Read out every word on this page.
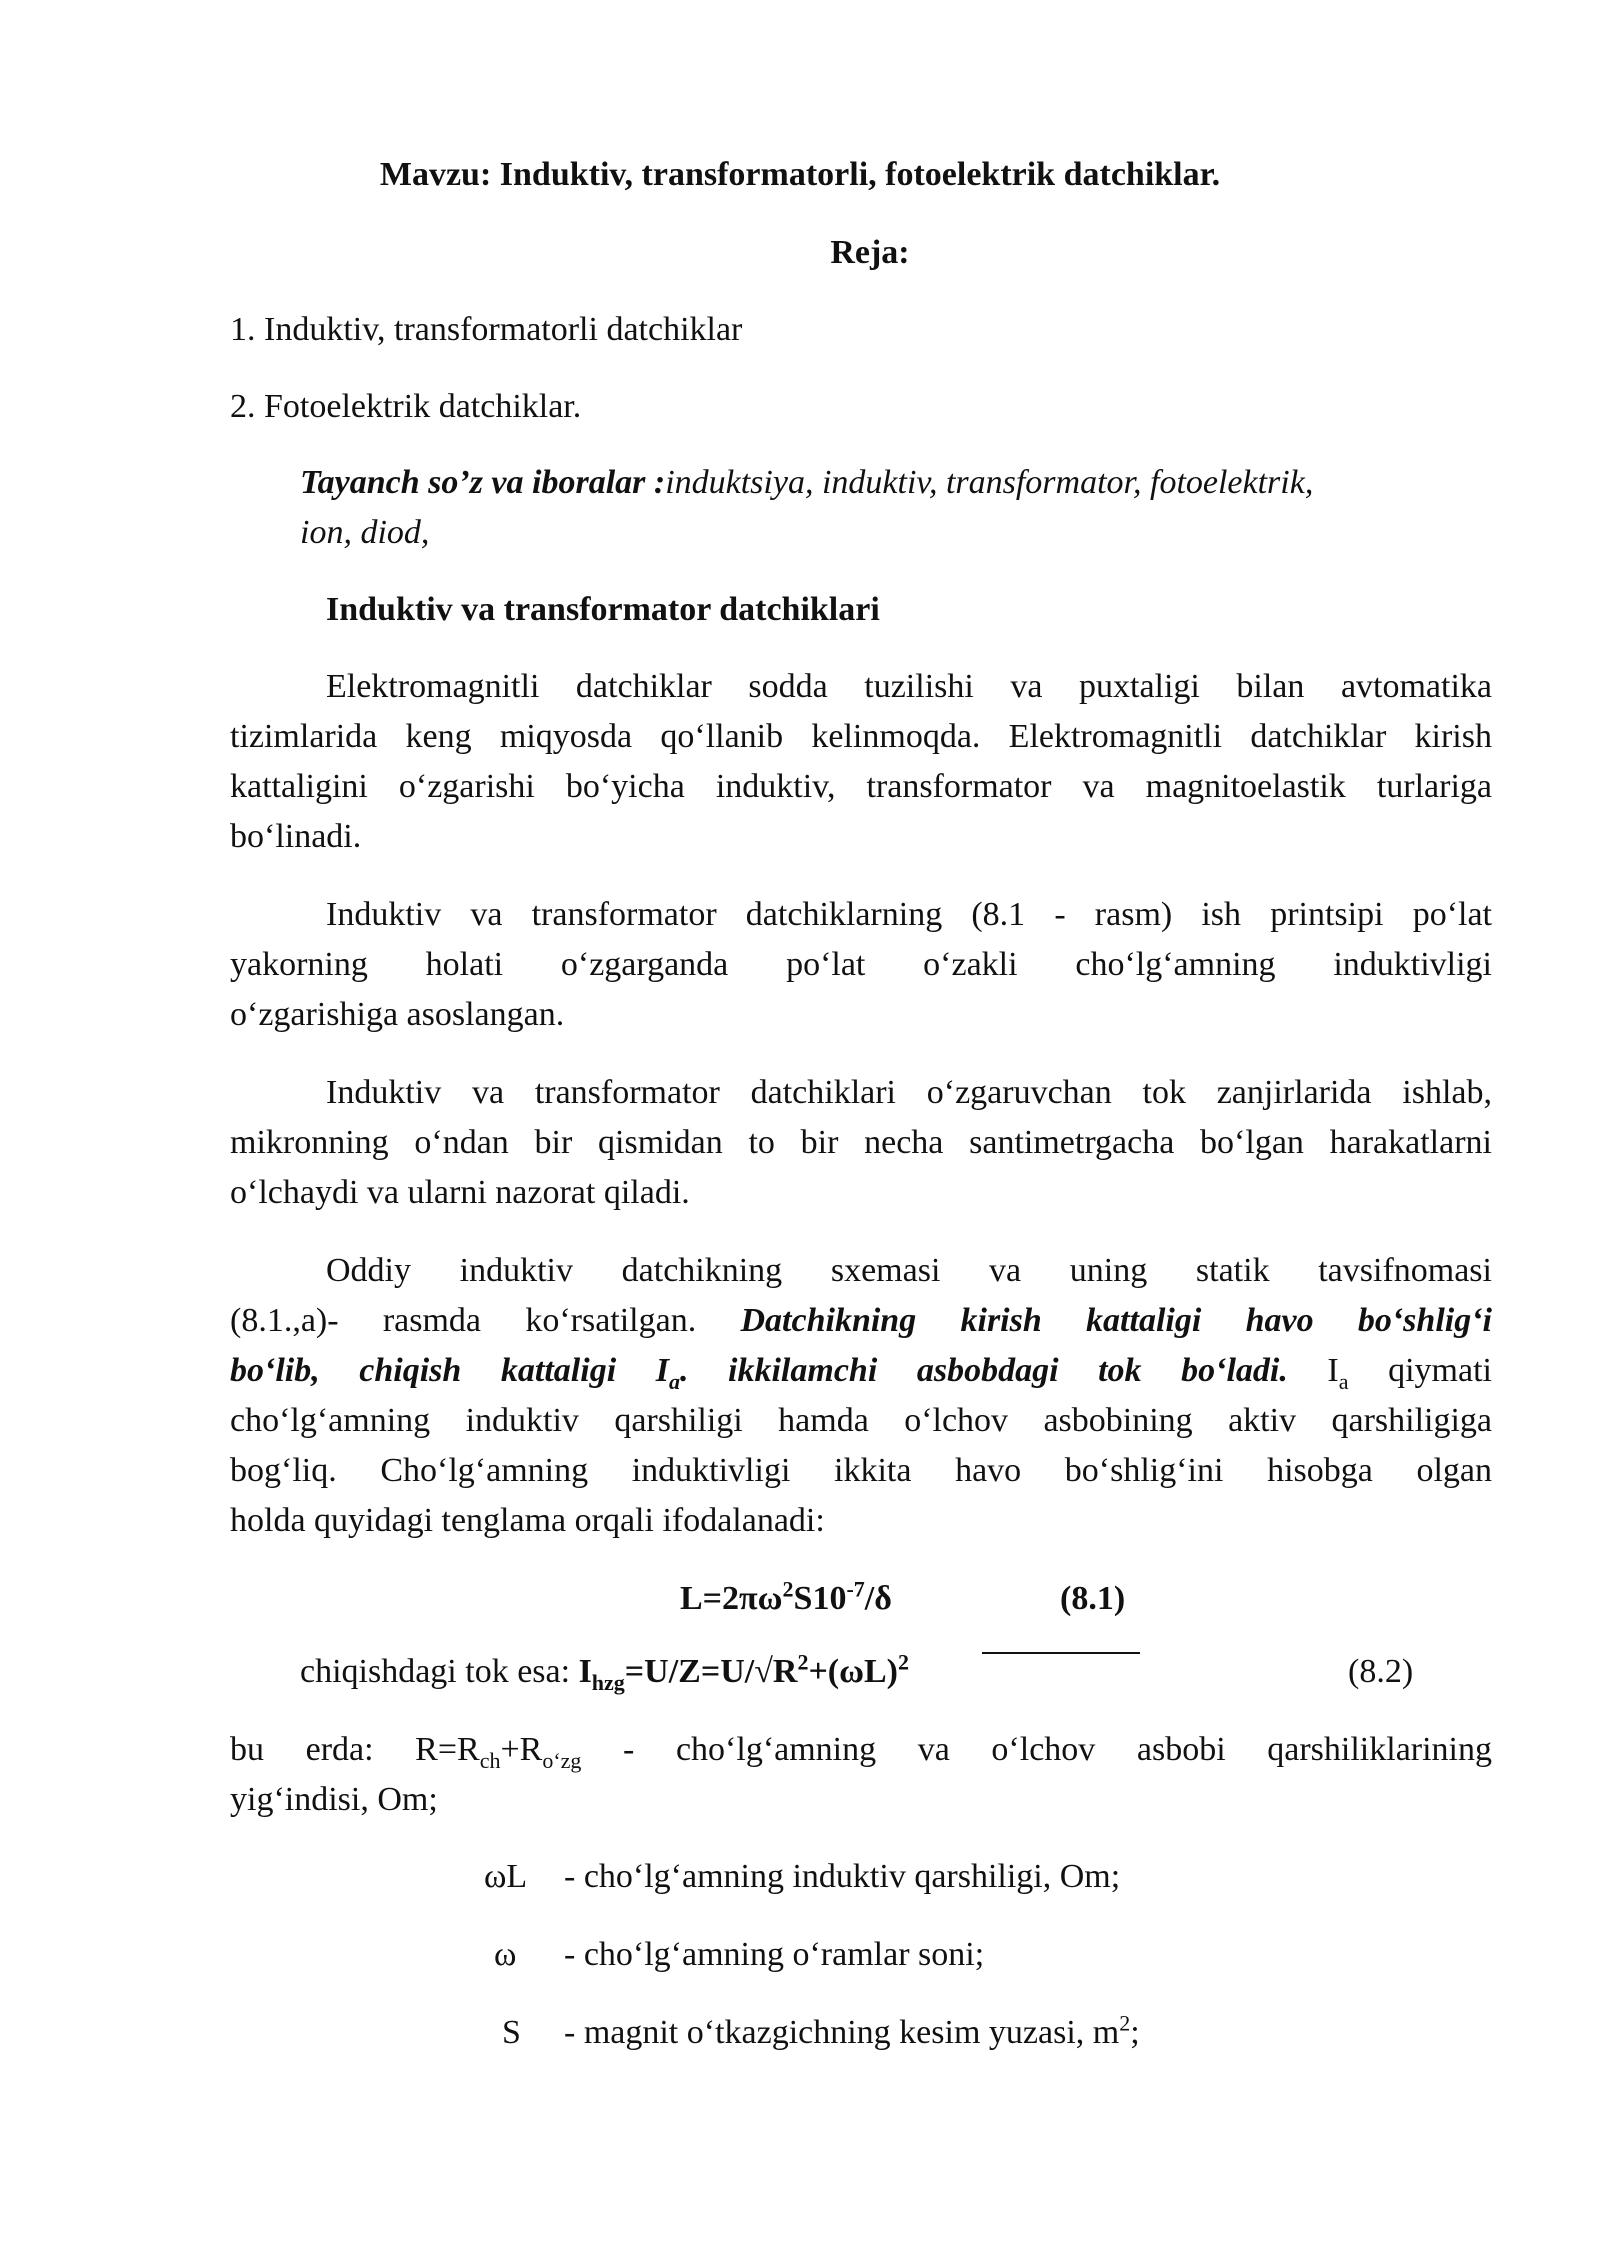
Mavzu: Induktiv, transformatorli, fotoelektrik datchiklar.

Reja:

1. Induktiv, transformatorli datchiklar

2. Fotoelektrik datchiklar.

Tayanch so’z va iboralar :induktsiya, induktiv, transformator, fotoelektrik,

ion, diod,

Induktiv va transformator datchiklari

Elektromagnitli datchiklar sodda tuzilishi va puxtaligi bilan avtomatika

tizimlarida keng miqyosda qo‘llanib kelinmoqda. Elektromagnitli datchiklar kirish

kattaligini o‘zgarishi bo‘yicha induktiv, transformator va magnitoelastik turlariga

bo‘linadi.

Induktiv va transformator datchiklarning (8.1 - rasm) ish printsipi po‘lat

yakorning holati o‘zgarganda po‘lat o‘zakli cho‘lg‘amning induktivligi

o‘zgarishiga asoslangan.

Induktiv va transformator datchiklari o‘zgaruvchan tok zanjirlarida ishlab,

mikronning o‘ndan bir qismidan to bir necha santimetrgacha bo‘lgan harakatlarni

o‘lchaydi va ularni nazorat qiladi.

Oddiy induktiv datchikning sxemasi va uning statik tavsifnomasi

(8.1.,a)- rasmda ko‘rsatilgan. Datchikning kirish kattaligi havo bo‘shlig‘i

bo‘lib, chiqish kattaligi $I_a$. ikkilamchi asbobdagi tok bo‘ladi. $I_a$ qiymati

cho‘lg‘amning induktiv qarshiligi hamda o‘lchov asbobining aktiv qarshiligiga

bog‘liq. Cho‘lg‘amning induktivligi ikkita havo bo‘shlig‘ini hisobga olgan

holda quyidagi tenglama orqali ifodalanadi:

$L=2\pi\omega^2S10^{-7}/\delta$	(8.1)

chiqishdagi tok esa: $I_{hzg}=U/Z=U/√R^2+(\omega L)^2$	(8.2)

bu erda: $R=R_{ch}+R_{o‘zg}$ - cho‘lg‘amning va o‘lchov asbobi qarshiliklarining

yig‘indisi, Om;

ωL - cho‘lg‘amning induktiv qarshiligi, Om;

ω - cho‘lg‘amning o‘ramlar soni;

S - magnit o‘tkazgichning kesim yuzasi, $m^2$;
